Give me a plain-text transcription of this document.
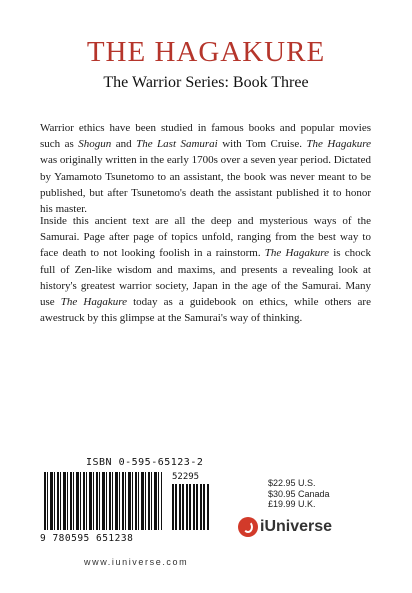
THE HAGAKURE
The Warrior Series: Book Three
Warrior ethics have been studied in famous books and popular movies such as Shogun and The Last Samurai with Tom Cruise. The Hagakure was originally written in the early 1700s over a seven year period. Dictated by Yamamoto Tsunetomo to an assistant, the book was never meant to be published, but after Tsunetomo's death the assistant published it to honor his master.
Inside this ancient text are all the deep and mysterious ways of the Samurai. Page after page of topics unfold, ranging from the best way to face death to not looking foolish in a rainstorm. The Hagakure is chock full of Zen-like wisdom and maxims, and presents a revealing look at history's greatest warrior society, Japan in the age of the Samurai. Many use The Hagakure today as a guidebook on ethics, while others are awestruck by this glimpse at the Samurai's way of thinking.
ISBN 0-595-65123-2
52295
9 780595 651238
www.iuniverse.com
$22.95 U.S.
$30.95 Canada
£19.99 U.K.
iUniverse
